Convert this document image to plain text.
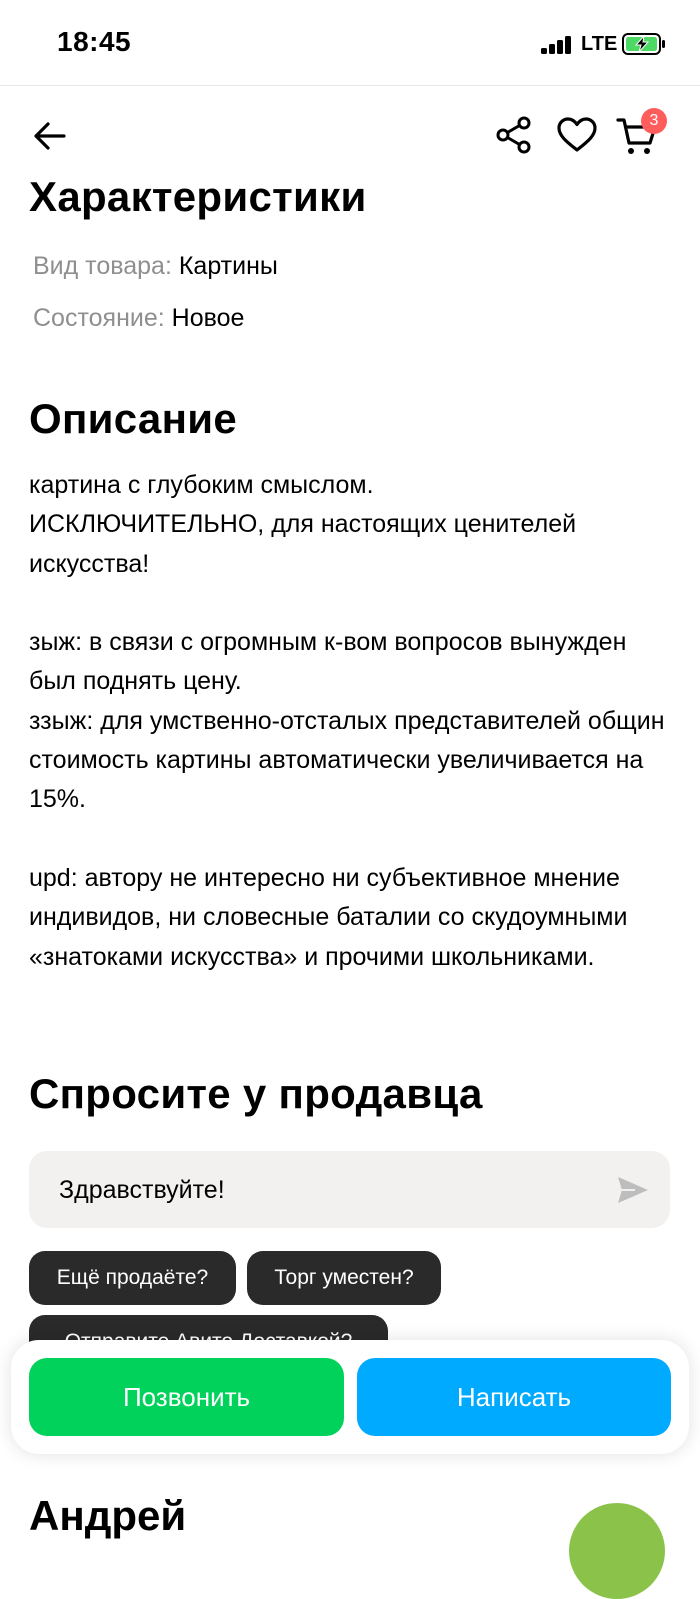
18:45	LTE
3
Характеристики
Вид товара: Картины
Состояние: Новое
Описание
картина с глубоким смыслом.
ИСКЛЮЧИТЕЛЬНО, для настоящих ценителей искусства!

зыж: в связи с огромным к-вом вопросов вынужден был поднять цену.
ззыж: для умственно-отсталых представителей общин стоимость картины автоматически увеличивается на 15%.

upd: автору не интересно ни субъективное мнение индивидов, ни словесные баталии со скудоумными «знатоками искусства» и прочими школьниками.
Спросите у продавца
Здравствуйте!
Ещё продаёте?	Торг уместен?
Позвонить	Написать
Андрей
